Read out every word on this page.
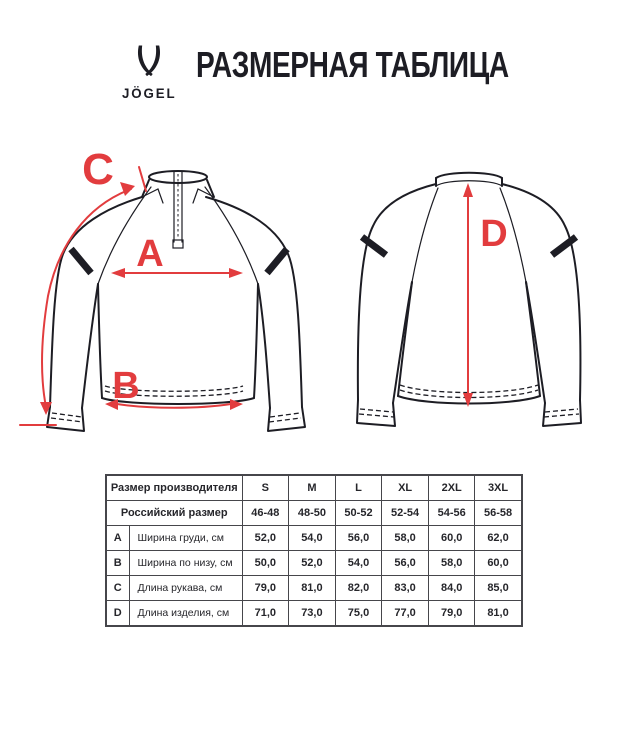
JÖGEL
РАЗМЕРНАЯ ТАБЛИЦА
A
B
C
D
Размер производителя		S	M	L	XL	2XL	3XL
Российский размер		46-48	48-50	50-52	52-54	54-56	56-58
A	Ширина груди, см	52,0	54,0	56,0	58,0	60,0	62,0
B	Ширина по низу, см	50,0	52,0	54,0	56,0	58,0	60,0
C	Длина рукава, см	79,0	81,0	82,0	83,0	84,0	85,0
D	Длина изделия, см	71,0	73,0	75,0	77,0	79,0	81,0
